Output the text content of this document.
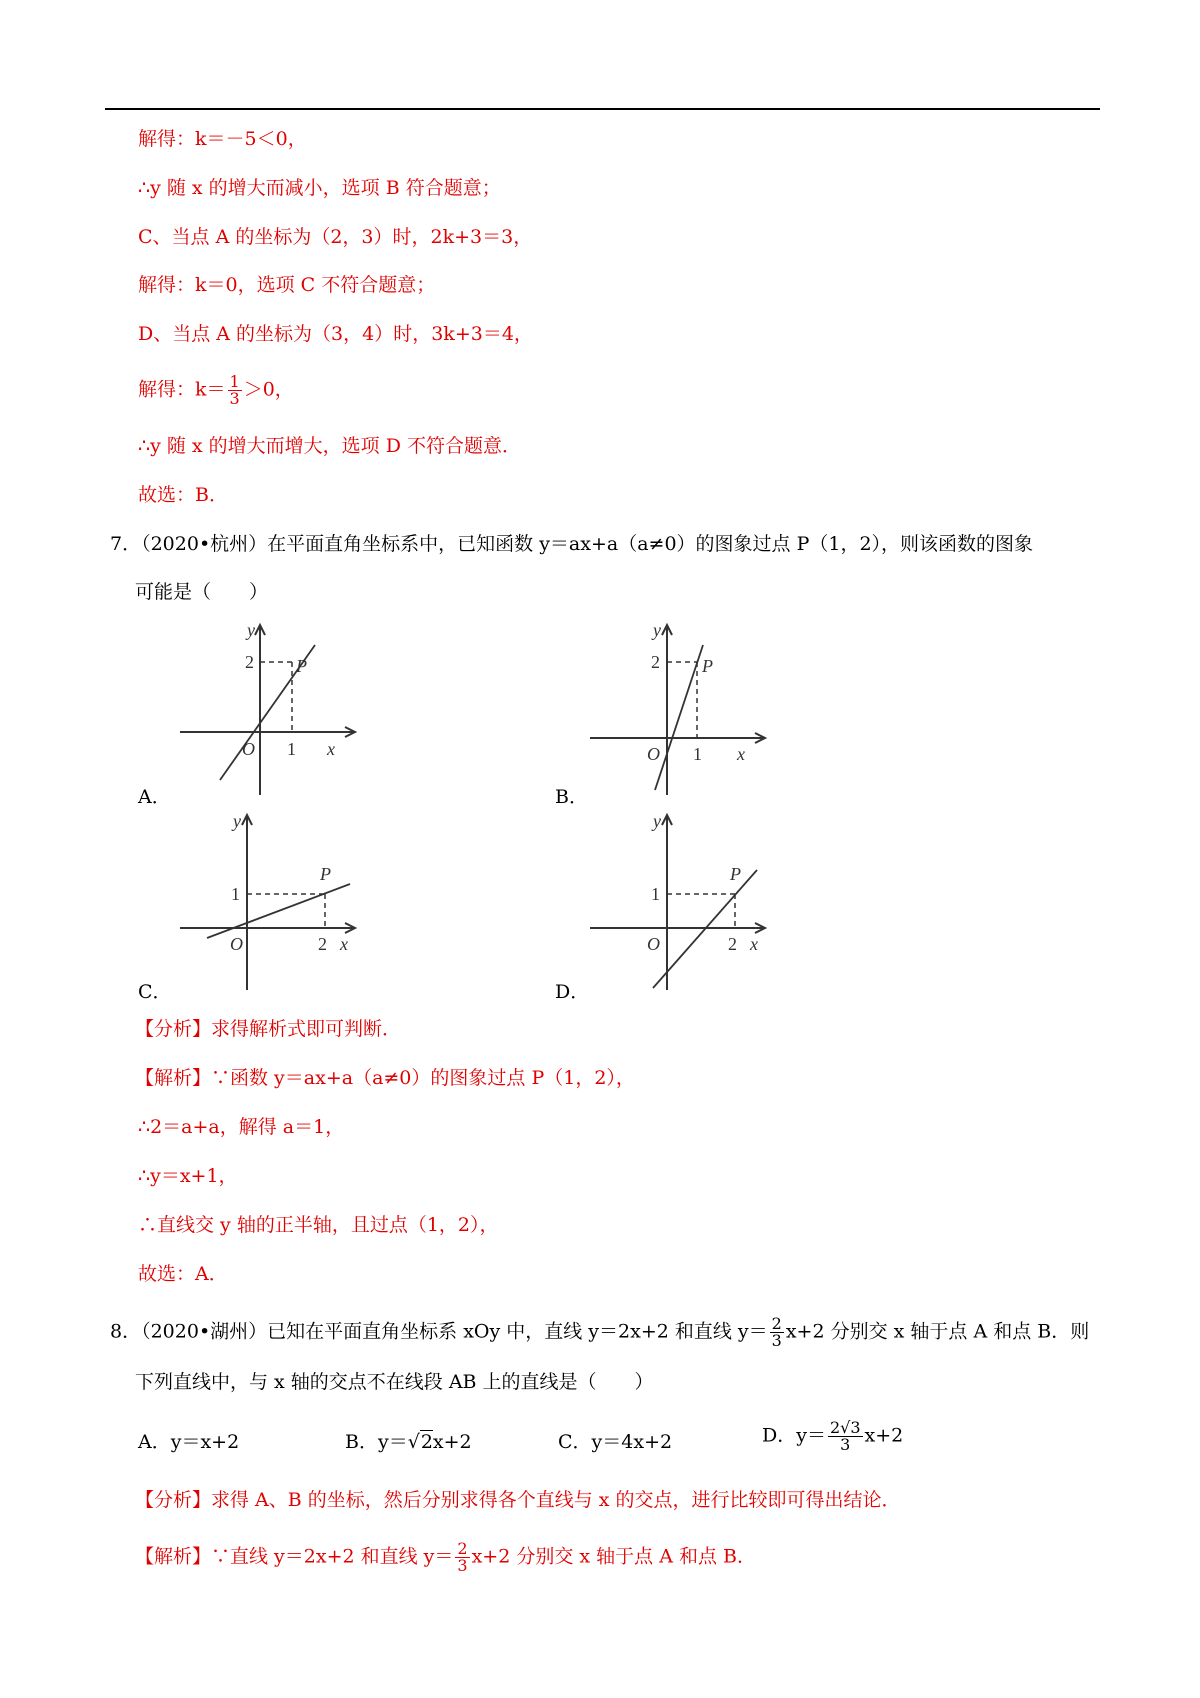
解得：k＝－5＜0，
∴y 随 x 的增大而减小，选项 B 符合题意；
C、当点 A 的坐标为（2，3）时，2k+3＝3，
解得：k＝0，选项 C 不符合题意；
D、当点 A 的坐标为（3，4）时，3k+3＝4，
解得：$k= \frac{1}{3} >0$，
∴y 随 x 的增大而增大，选项 D 不符合题意．
故选：B．
7．（2020•杭州）在平面直角坐标系中，已知函数 y＝ax+a（a≠0）的图象过点 P（1，2），则该函数的图象
可能是（　　）
y
2 P
O 1 x
A．
y
2 P
O 1 x
B．
y
1
P
O	2 x
C．
y
1
P
O	2 x
D．
【分析】求得解析式即可判断．
【解析】∵函数 y＝ax+a（a≠0）的图象过点 P（1，2），
∴2＝a+a，解得 a＝1，
∴y＝x+1，
∴直线交 y 轴的正半轴，且过点（1，2），
故选：A．
8．（2020•湖州）已知在平面直角坐标系 xOy 中，直线 y＝2x+2 和直线 $y= \frac{2}{3} x+2$ 分别交 x 轴于点 A 和点 B．则
下列直线中，与 x 轴的交点不在线段 AB 上的直线是（　　）
A．y＝x+2	B．y＝√2x+2	C．y＝4x+2	D．$y= \frac{2√3}{3} x+2$
【分析】求得 A、B 的坐标，然后分别求得各个直线与 x 的交点，进行比较即可得出结论．
【解析】∵直线 y＝2x+2 和直线 $y= \frac{2}{3} x+2$ 分别交 x 轴于点 A 和点 B．
